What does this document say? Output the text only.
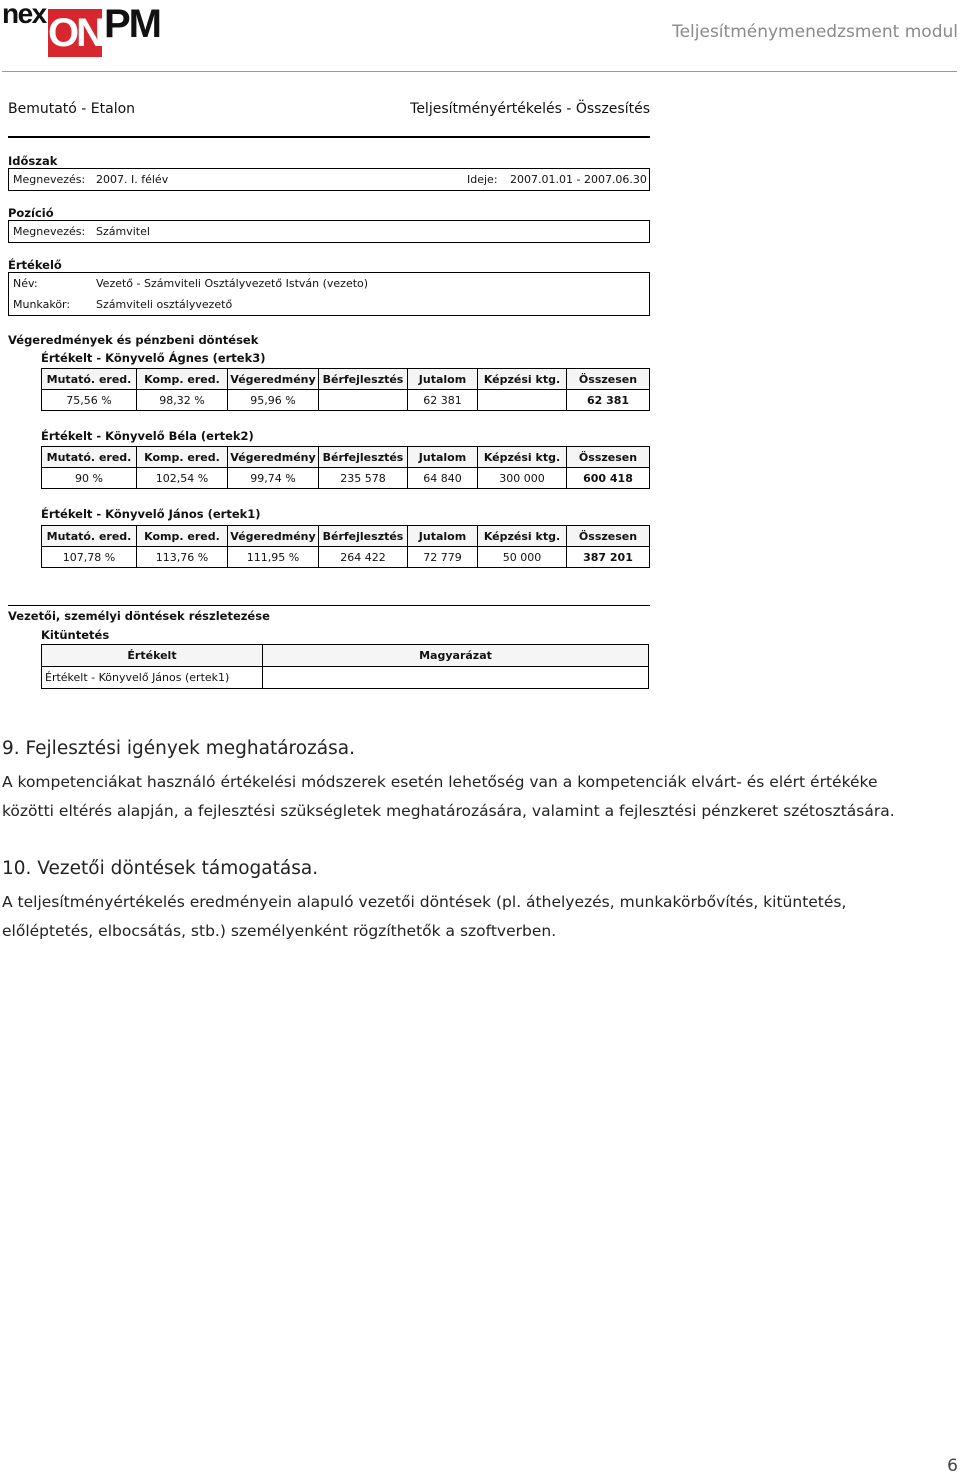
nex ON PM	Teljesítménymenedzsment modul
Bemutató - Etalon	Teljesítményértékelés - Összesítés
Időszak
Megnevezés: 2007. I. félév	Ideje: 2007.01.01 - 2007.06.30
Pozíció
Megnevezés: Számvitel
Értékelő
Név:	Vezető - Számviteli Osztályvezető István (vezeto)
Munkakör: Számviteli osztályvezető
Végeredmények és pénzbeni döntések
Értékelt - Könyvelő Ágnes (ertek3)
Mutató. ered.	Komp. ered.	Végeredmény	Bérfejlesztés	Jutalom	Képzési ktg.	Összesen
75,56 %	98,32 %	95,96 %		62 381		62 381
Értékelt - Könyvelő Béla (ertek2)
Mutató. ered.	Komp. ered.	Végeredmény	Bérfejlesztés	Jutalom	Képzési ktg.	Összesen
90 %	102,54 %	99,74 %	235 578	64 840	300 000	600 418
Értékelt - Könyvelő János (ertek1)
Mutató. ered.	Komp. ered.	Végeredmény	Bérfejlesztés	Jutalom	Képzési ktg.	Összesen
107,78 %	113,76 %	111,95 %	264 422	72 779	50 000	387 201
Vezetői, személyi döntések részletezése
Kitüntetés
Értékelt	Magyarázat
Értékelt - Könyvelő János (ertek1)	
9. Fejlesztési igények meghatározása.
A kompetenciákat használó értékelési módszerek esetén lehetőség van a kompetenciák elvárt- és elért értékéke
közötti eltérés alapján, a fejlesztési szükségletek meghatározására, valamint a fejlesztési pénzkeret szétosztására.
10. Vezetői döntések támogatása.
A teljesítményértékelés eredményein alapuló vezetői döntések (pl. áthelyezés, munkakörbővítés, kitüntetés,
előléptetés, elbocsátás, stb.) személyenként rögzíthetők a szoftverben.
6
